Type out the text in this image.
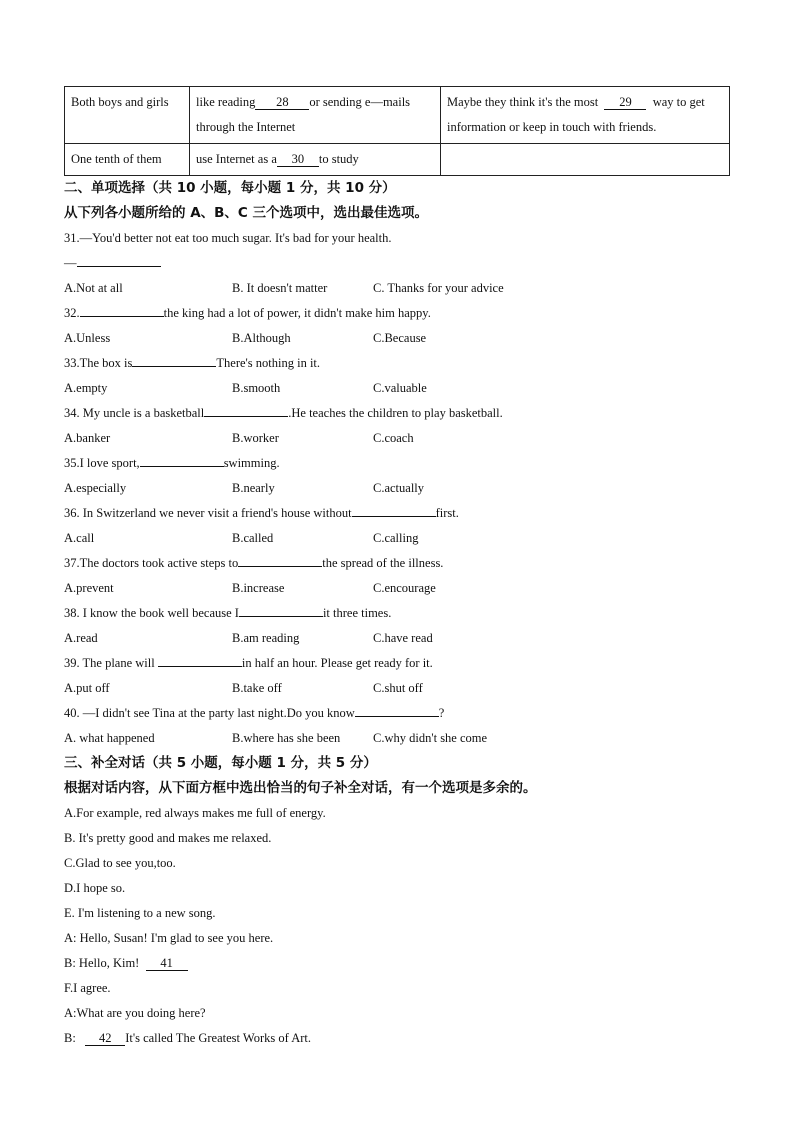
Both boys and girls	like reading 28 or sending e—mails through the Internet	Maybe they think it's the most 29 way to get information or keep in touch with friends.
One tenth of them	use Internet as a 30 to study	
二、单项选择（共 10 小题，每小题 1 分，共 10 分）
从下列各小题所给的 A、B、C 三个选项中，选出最佳选项。
31.—You'd better not eat too much sugar. It's bad for your health.
—
A.Not at all	B. It doesn't matter	C. Thanks for your advice
32.	the king had a lot of power, it didn't make him happy.
A.Unless	B.Although	C.Because
33.The box is	There's nothing in it.
A.empty	B.smooth	C.valuable
34. My uncle is a basketball	.He teaches the children to play basketball.
A.banker	B.worker	C.coach
35.I love sport,	swimming.
A.especially	B.nearly	C.actually
36. In Switzerland we never visit a friend's house without	first.
A.call	B.called	C.calling
37.The doctors took active steps to	the spread of the illness.
A.prevent	B.increase	C.encourage
38. I know the book well because I	it three times.
A.read	B.am reading	C.have read
39. The plane will	in half an hour. Please get ready for it.
A.put off	B.take off	C.shut off
40. —I didn't see Tina at the party last night.Do you know	?
A. what happened	B.where has she been	C.why didn't she come
三、补全对话（共 5 小题，每小题 1 分，共 5 分）
根据对话内容，从下面方框中选出恰当的句子补全对话，有一个选项是多余的。
A.For example, red always makes me full of energy.
B. It's pretty good and makes me relaxed.
C.Glad to see you,too.
D.I hope so.
E. I'm listening to a new song.
A: Hello, Susan! I'm glad to see you here.
B: Hello, Kim! 41
F.I agree.
A:What are you doing here?
B: 42 It's called The Greatest Works of Art.
